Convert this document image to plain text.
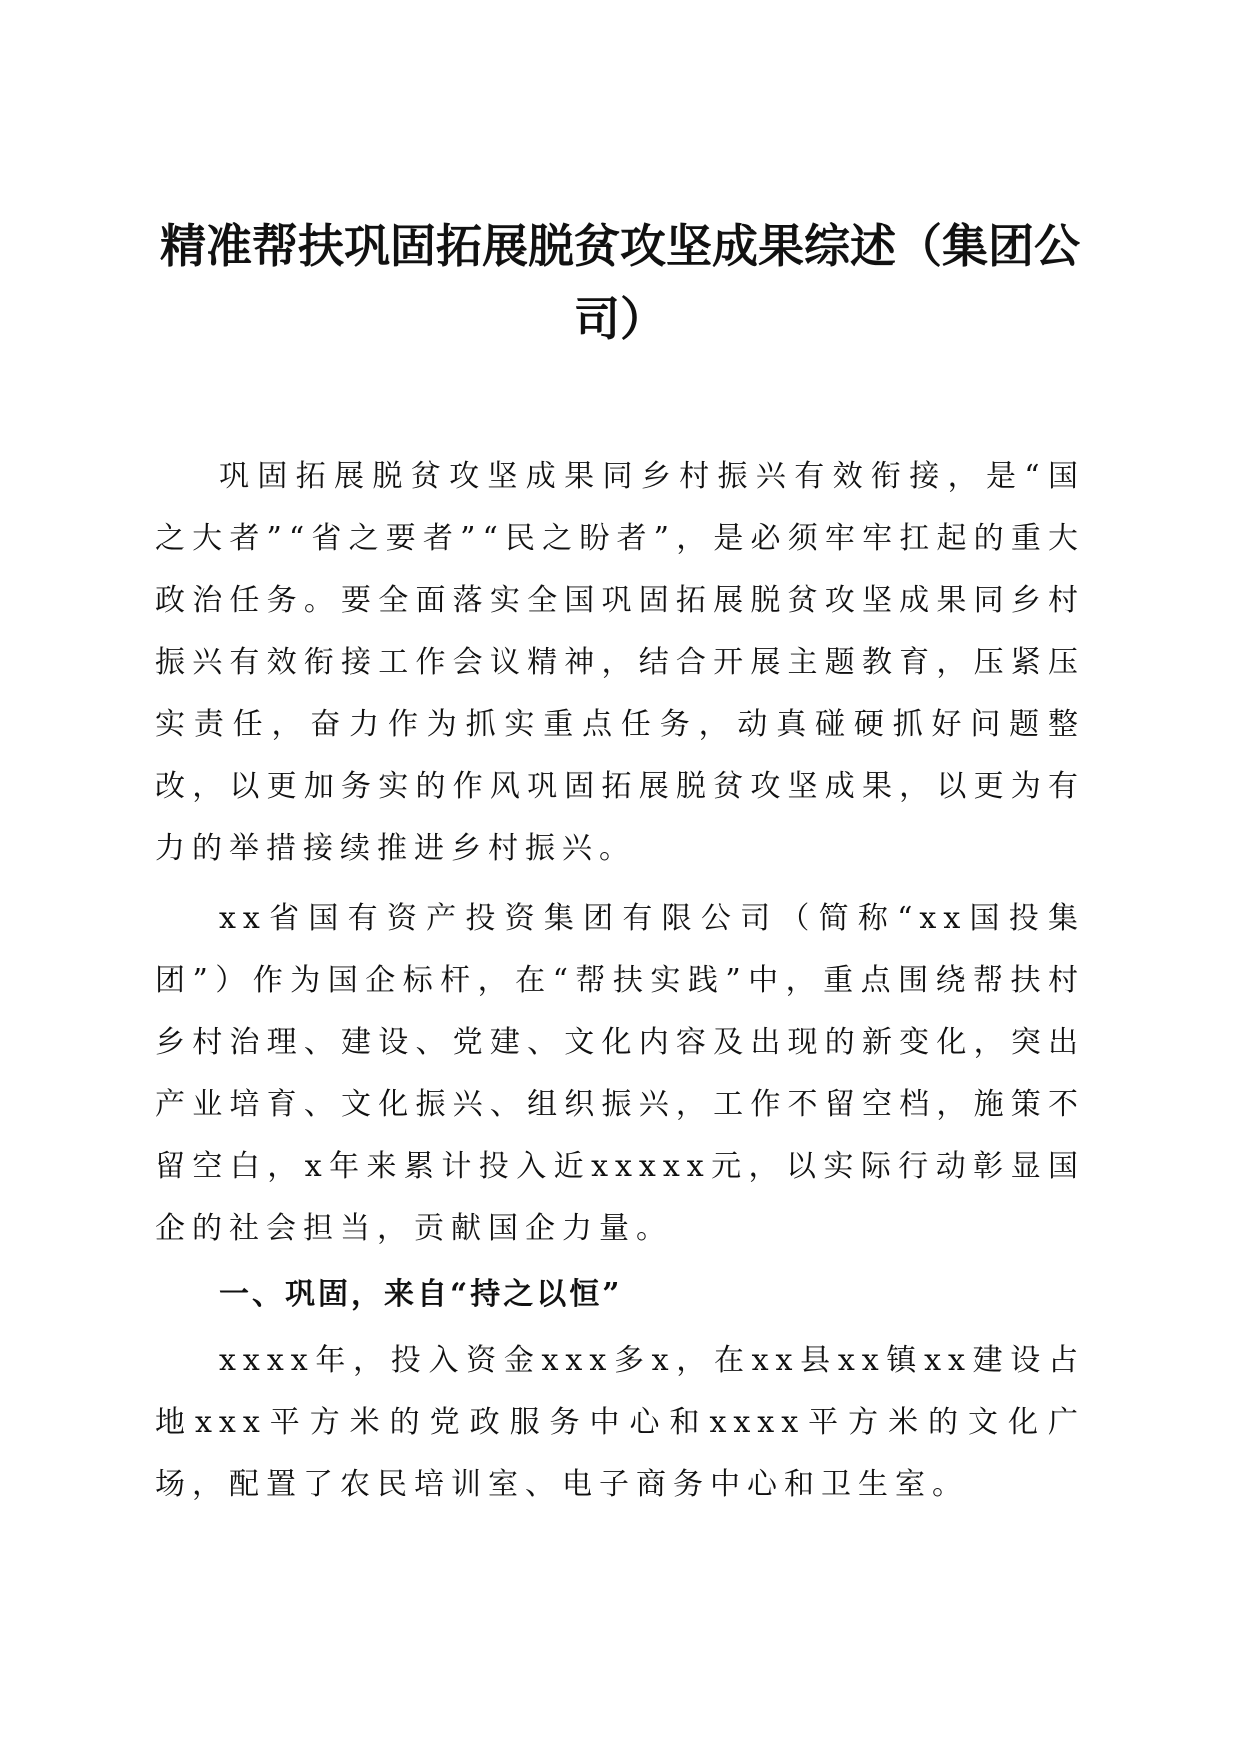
精准帮扶巩固拓展脱贫攻坚成果综述（集团公司）

巩固拓展脱贫攻坚成果同乡村振兴有效衔接，是“国之大者”“省之要者”“民之盼者”，是必须牢牢扛起的重大政治任务。要全面落实全国巩固拓展脱贫攻坚成果同乡村振兴有效衔接工作会议精神，结合开展主题教育，压紧压实责任，奋力作为抓实重点任务，动真碰硬抓好问题整改，以更加务实的作风巩固拓展脱贫攻坚成果，以更为有力的举措接续推进乡村振兴。

xx省国有资产投资集团有限公司（简称“xx国投集团”）作为国企标杆，在“帮扶实践”中，重点围绕帮扶村乡村治理、建设、党建、文化内容及出现的新变化，突出产业培育、文化振兴、组织振兴，工作不留空档，施策不留空白，x年来累计投入近xxxxx元，以实际行动彰显国企的社会担当，贡献国企力量。

一、巩固，来自“持之以恒”

xxxx年，投入资金xxx多x，在xx县xx镇xx建设占地xxx平方米的党政服务中心和xxxx平方米的文化广场，配置了农民培训室、电子商务中心和卫生室。
